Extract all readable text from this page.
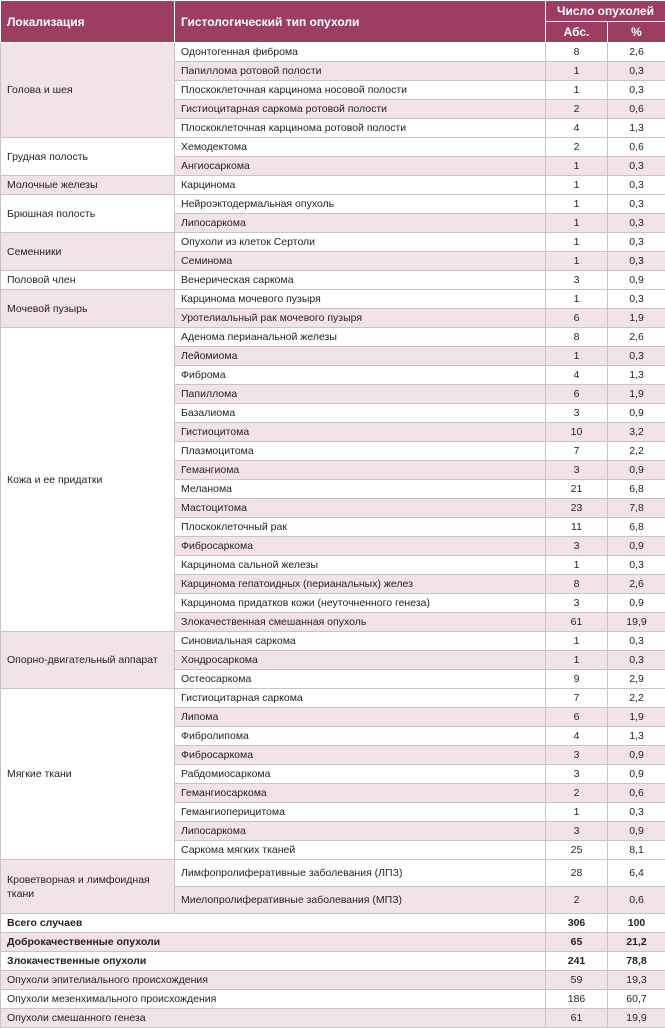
Локализация	Гистологический тип опухоли	Число опухолей	
		Абс.	%
Голова и шея	Одонтогенная фиброма	8	2,6
	Папиллома ротовой полости	1	0,3
	Плоскоклеточная карцинома носовой полости	1	0,3
	Гистиоцитарная саркома ротовой полости	2	0,6
	Плоскоклеточная карцинома ротовой полости	4	1,3
Грудная полость	Хемодектома	2	0,6
	Ангиосаркома	1	0,3
Молочные железы	Карцинома	1	0,3
Брюшная полость	Нейроэктодермальная опухоль	1	0,3
	Липосаркома	1	0,3
Семенники	Опухоли из клеток Сертоли	1	0,3
	Семинома	1	0,3
Половой член	Венерическая саркома	3	0,9
Мочевой пузырь	Карцинома мочевого пузыря	1	0,3
	Уротелиальный рак мочевого пузыря	6	1,9
Кожа и ее придатки	Аденома перианальной железы	8	2,6
	Лейомиома	1	0,3
	Фиброма	4	1,3
	Папиллома	6	1,9
	Базалиома	3	0,9
	Гистиоцитома	10	3,2
	Плазмоцитома	7	2,2
	Гемангиома	3	0,9
	Меланома	21	6,8
	Мастоцитома	23	7,8
	Плоскоклеточный рак	11	6,8
	Фибросаркома	3	0,9
	Карцинома сальной железы	1	0,3
	Карцинома гепатоидных (перианальных) желез	8	2,6
	Карцинома придатков кожи (неуточненного генеза)	3	0,9
	Злокачественная смешанная опухоль	61	19,9
Опорно-двигательный аппарат	Синовиальная саркома	1	0,3
	Хондросаркома	1	0,3
	Остеосаркома	9	2,9
Мягкие ткани	Гистиоцитарная саркома	7	2,2
	Липома	6	1,9
	Фибролипома	4	1,3
	Фибросаркома	3	0,9
	Рабдомиосаркома	3	0,9
	Гемангиосаркома	2	0,6
	Гемангиоперицитома	1	0,3
	Липосаркома	3	0,9
	Саркома мягких тканей	25	8,1
Кроветворная и лимфоидная ткани	Лимфопролиферативные заболевания (ЛПЗ)	28	6,4
	Миелопролиферативные заболевания (МПЗ)	2	0,6
Всего случаев		306	100
Доброкачественные опухоли		65	21,2
Злокачественные опухоли		241	78,8
Опухоли эпителиального происхождения		59	19,3
Опухоли мезенхимального происхождения		186	60,7
Опухоли смешанного генеза		61	19,9
